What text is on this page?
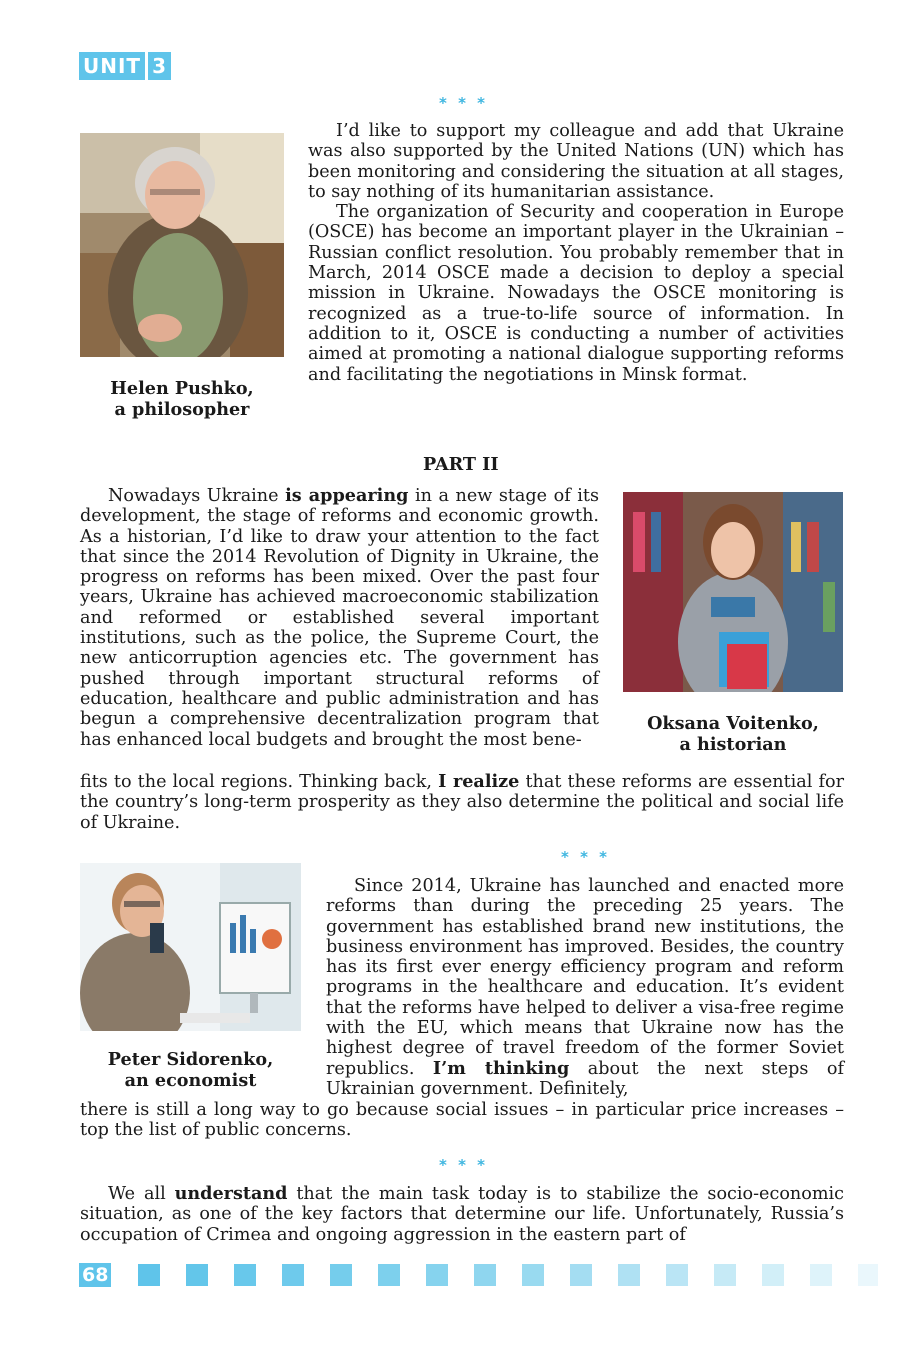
UNIT 3
* * *
Helen Pushko,
a philosopher

I’d like to support my colleague and add that Ukraine was also supported by the United Nations (UN) which has been monitoring and considering the situation at all stages, to say nothing of its humanitarian assistance.

The organization of Security and cooperation in Europe (OSCE) has become an important player in the Ukrainian – Russian conflict resolution. You probably remember that in March, 2014 OSCE made a decision to deploy a special mission in Ukraine. Nowadays the OSCE monitoring is recognized as a true-to-life source of information. In addition to it, OSCE is conducting a number of activities aimed at promoting a national dialogue supporting reforms and facilitating the negotiations in Minsk format.

PART II
Oksana Voitenko,
a historian

Nowadays Ukraine is appearing in a new stage of its development, the stage of reforms and economic growth. As a historian, I’d like to draw your attention to the fact that since the 2014 Revolution of Dignity in Ukraine, the progress on reforms has been mixed. Over the past four years, Ukraine has achieved macroeconomic stabilization and reformed or established several important institutions, such as the police, the Supreme Court, the new anticorruption agencies etc. The government has pushed through important structural reforms of education, healthcare and public administration and has begun a comprehensive decentralization program that has enhanced local budgets and brought the most bene-

fits to the local regions. Thinking back, I realize that these reforms are essential for the country’s long-term prosperity as they also determine the political and social life of Ukraine.

* * *
Peter Sidorenko,
an economist

Since 2014, Ukraine has launched and enacted more reforms than during the preceding 25 years. The government has established brand new institutions, the business environment has improved. Besides, the country has its first ever energy efficiency program and reform programs in the healthcare and education. It’s evident that the reforms have helped to deliver a visa-free regime with the EU, which means that Ukraine now has the highest degree of travel freedom of the former Soviet republics. I’m thinking about the next steps of Ukrainian government. Definitely,

there is still a long way to go because social issues – in particular price increases – top the list of public concerns.

* * *

We all understand that the main task today is to stabilize the socio-economic situation, as one of the key factors that determine our life. Unfortunately, Russia’s occupation of Crimea and ongoing aggression in the eastern part of

68
